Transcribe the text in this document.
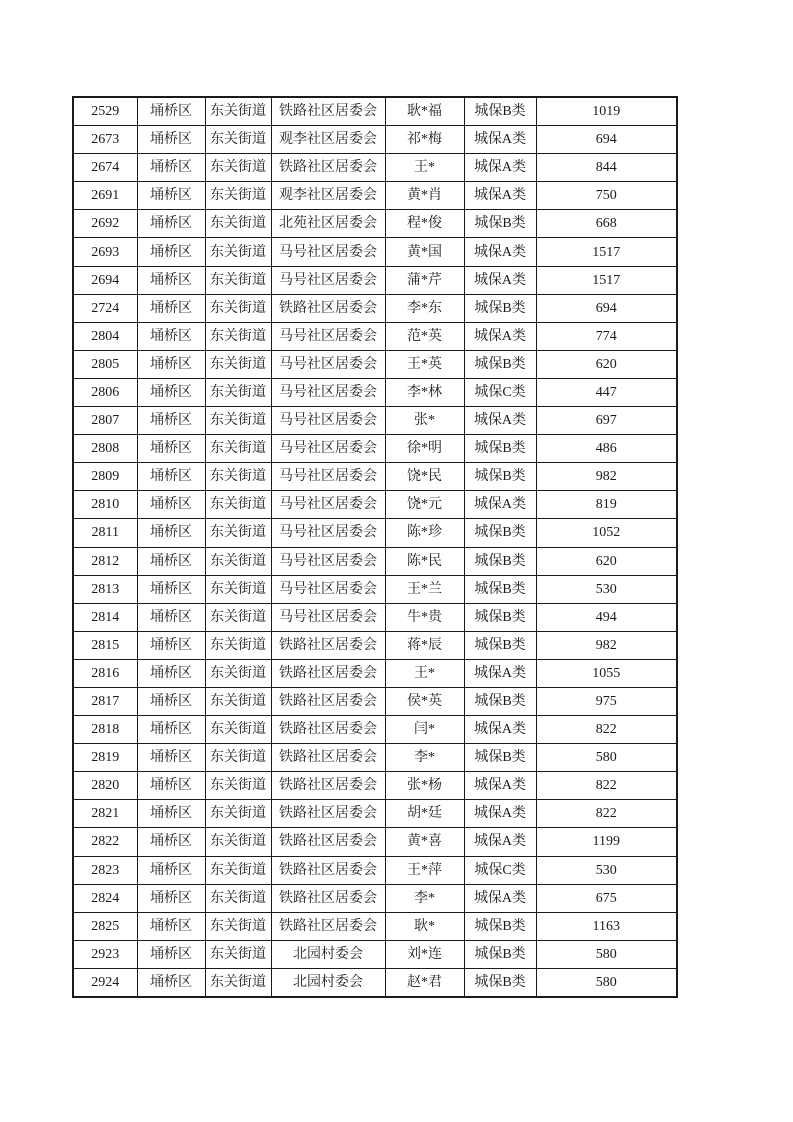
2529	埇桥区	东关街道	铁路社区居委会	耿*福	城保B类	1019
2673	埇桥区	东关街道	观李社区居委会	祁*梅	城保A类	694
2674	埇桥区	东关街道	铁路社区居委会	王*	城保A类	844
2691	埇桥区	东关街道	观李社区居委会	黄*肖	城保A类	750
2692	埇桥区	东关街道	北苑社区居委会	程*俊	城保B类	668
2693	埇桥区	东关街道	马号社区居委会	黄*国	城保A类	1517
2694	埇桥区	东关街道	马号社区居委会	蒲*芹	城保A类	1517
2724	埇桥区	东关街道	铁路社区居委会	李*东	城保B类	694
2804	埇桥区	东关街道	马号社区居委会	范*英	城保A类	774
2805	埇桥区	东关街道	马号社区居委会	王*英	城保B类	620
2806	埇桥区	东关街道	马号社区居委会	李*林	城保C类	447
2807	埇桥区	东关街道	马号社区居委会	张*	城保A类	697
2808	埇桥区	东关街道	马号社区居委会	徐*明	城保B类	486
2809	埇桥区	东关街道	马号社区居委会	饶*民	城保B类	982
2810	埇桥区	东关街道	马号社区居委会	饶*元	城保A类	819
2811	埇桥区	东关街道	马号社区居委会	陈*珍	城保B类	1052
2812	埇桥区	东关街道	马号社区居委会	陈*民	城保B类	620
2813	埇桥区	东关街道	马号社区居委会	王*兰	城保B类	530
2814	埇桥区	东关街道	马号社区居委会	牛*贵	城保B类	494
2815	埇桥区	东关街道	铁路社区居委会	蒋*辰	城保B类	982
2816	埇桥区	东关街道	铁路社区居委会	王*	城保A类	1055
2817	埇桥区	东关街道	铁路社区居委会	侯*英	城保B类	975
2818	埇桥区	东关街道	铁路社区居委会	闫*	城保A类	822
2819	埇桥区	东关街道	铁路社区居委会	李*	城保B类	580
2820	埇桥区	东关街道	铁路社区居委会	张*杨	城保A类	822
2821	埇桥区	东关街道	铁路社区居委会	胡*廷	城保A类	822
2822	埇桥区	东关街道	铁路社区居委会	黄*喜	城保A类	1199
2823	埇桥区	东关街道	铁路社区居委会	王*萍	城保C类	530
2824	埇桥区	东关街道	铁路社区居委会	李*	城保A类	675
2825	埇桥区	东关街道	铁路社区居委会	耿*	城保B类	1163
2923	埇桥区	东关街道	北园村委会	刘*连	城保B类	580
2924	埇桥区	东关街道	北园村委会	赵*君	城保B类	580
